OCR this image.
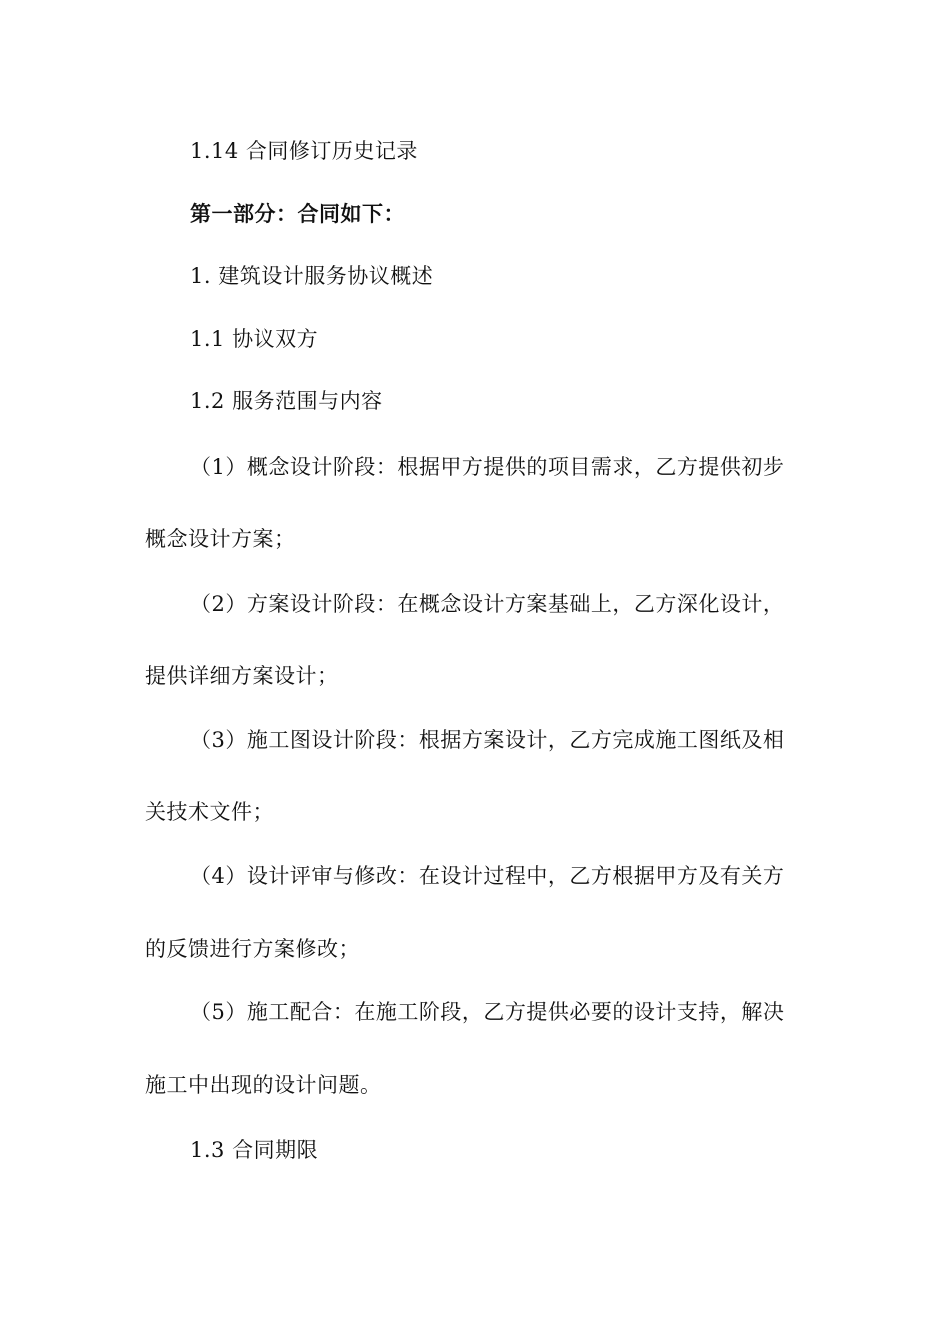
1.14 合同修订历史记录
第一部分：合同如下：
1. 建筑设计服务协议概述
1.1 协议双方
1.2 服务范围与内容
（1）概念设计阶段：根据甲方提供的项目需求，乙方提供初步
概念设计方案；
（2）方案设计阶段：在概念设计方案基础上，乙方深化设计，
提供详细方案设计；
（3）施工图设计阶段：根据方案设计，乙方完成施工图纸及相
关技术文件；
（4）设计评审与修改：在设计过程中，乙方根据甲方及有关方
的反馈进行方案修改；
（5）施工配合：在施工阶段，乙方提供必要的设计支持，解决
施工中出现的设计问题。
1.3 合同期限
